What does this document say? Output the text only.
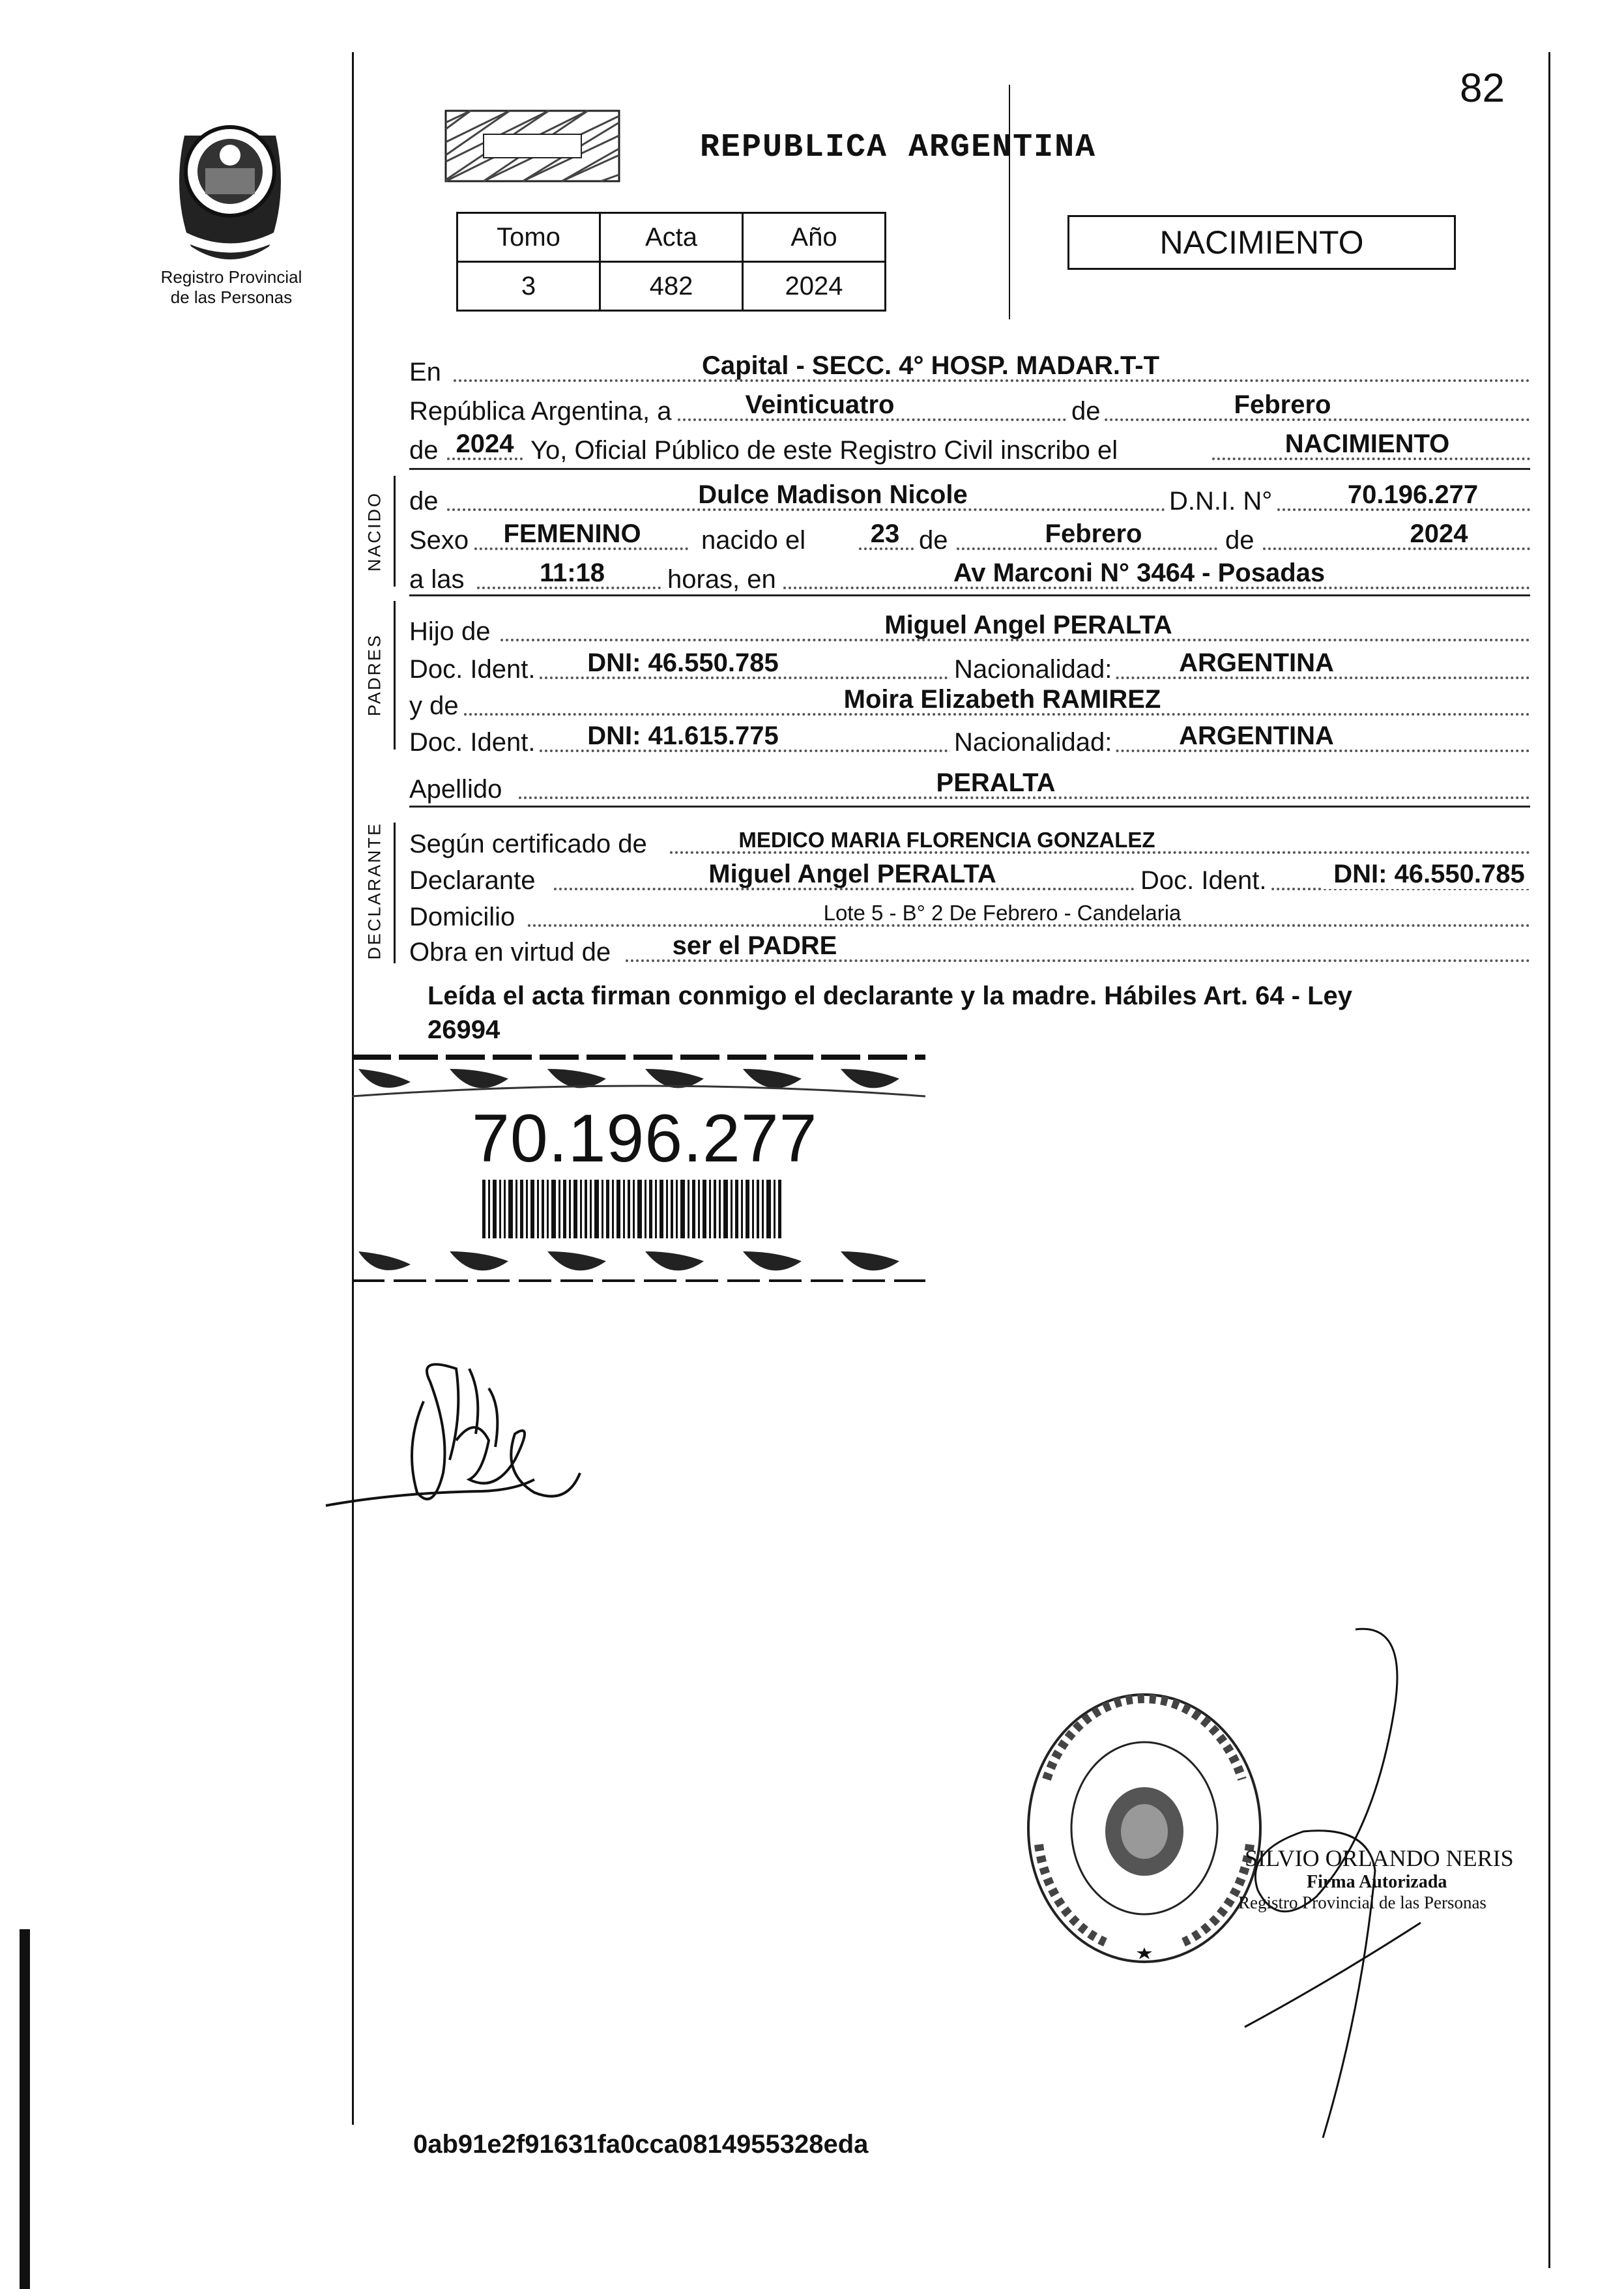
82
Registro Provincial
de las Personas
REPUBLICA ARGENTINA
Tomo	Acta	Año
3	482	2024
NACIMIENTO
En	Capital - SECC. 4° HOSP. MADAR.T-T
República Argentina, a	Veinticuatro	de	Febrero
de 2024 Yo, Oficial Público de este Registro Civil inscribo el	NACIMIENTO
NACIDO de	Dulce Madison Nicole	D.N.I. N°	70.196.277
Sexo	FEMENINO	nacido el	23 de	Febrero	de	2024
a las	11:18	horas, en	Av Marconi N° 3464 - Posadas
PADRES
Hijo de	Miguel Angel PERALTA
Doc. Ident.	DNI: 46.550.785	Nacionalidad:	ARGENTINA
y de	Moira Elizabeth RAMIREZ
Doc. Ident.	DNI: 41.615.775	Nacionalidad:	ARGENTINA
Apellido	PERALTA
DECLARANTE Según certificado de	MEDICO MARIA FLORENCIA GONZALEZ
Declarante	Miguel Angel PERALTA	Doc. Ident.	DNI: 46.550.785
Domicilio	Lote 5 - B° 2 De Febrero - Candelaria
Obra en virtud de	ser el PADRE
Leída el acta firman conmigo el declarante y la madre. Hábiles Art. 64 - Ley
26994
70.196.277
SILVIO ORLANDO NERIS
Firma Autorizada
Registro Provincial de las Personas
0ab91e2f91631fa0cca0814955328eda
